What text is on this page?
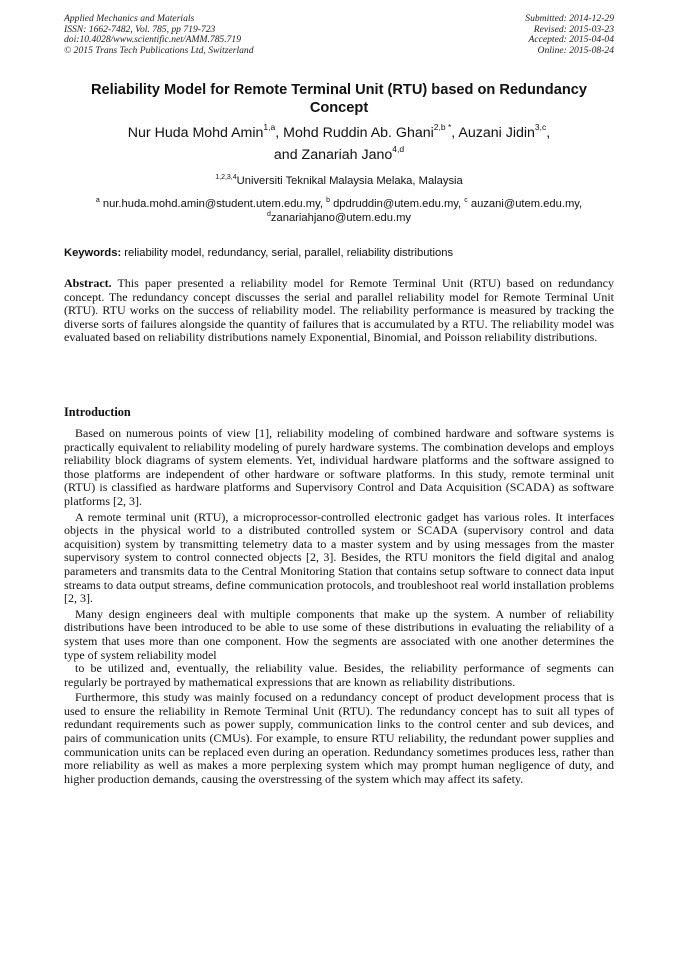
Applied Mechanics and Materials
ISSN: 1662-7482, Vol. 785, pp 719-723
doi:10.4028/www.scientific.net/AMM.785.719
© 2015 Trans Tech Publications Ltd, Switzerland
Submitted: 2014-12-29
Revised: 2015-03-23
Accepted: 2015-04-04
Online: 2015-08-24
Reliability Model for Remote Terminal Unit (RTU) based on Redundancy Concept
Nur Huda Mohd Amin$^{1,a}$, Mohd Ruddin Ab. Ghani$^{2,b *}$, Auzani Jidin$^{3,c}$,
and Zanariah Jano$^{4,d}$
$^{1,2,3,4}$Universiti Teknikal Malaysia Melaka, Malaysia
$^a$ nur.huda.mohd.amin@student.utem.edu.my, $^b$ dpdruddin@utem.edu.my, $^c$ auzani@utem.edu.my,
$^d$zanariahjano@utem.edu.my
Keywords: reliability model, redundancy, serial, parallel, reliability distributions
Abstract. This paper presented a reliability model for Remote Terminal Unit (RTU) based on redundancy concept. The redundancy concept discusses the serial and parallel reliability model for Remote Terminal Unit (RTU). RTU works on the success of reliability model. The reliability performance is measured by tracking the diverse sorts of failures alongside the quantity of failures that is accumulated by a RTU. The reliability model was evaluated based on reliability distributions namely Exponential, Binomial, and Poisson reliability distributions.
Introduction

Based on numerous points of view [1], reliability modeling of combined hardware and software systems is practically equivalent to reliability modeling of purely hardware systems. The combination develops and employs reliability block diagrams of system elements. Yet, individual hardware platforms and the software assigned to those platforms are independent of other hardware or software platforms. In this study, remote terminal unit (RTU) is classified as hardware platforms and Supervisory Control and Data Acquisition (SCADA) as software platforms [2, 3].

A remote terminal unit (RTU), a microprocessor-controlled electronic gadget has various roles. It interfaces objects in the physical world to a distributed controlled system or SCADA (supervisory control and data acquisition) system by transmitting telemetry data to a master system and by using messages from the master supervisory system to control connected objects [2, 3]. Besides, the RTU monitors the field digital and analog parameters and transmits data to the Central Monitoring Station that contains setup software to connect data input streams to data output streams, define communication protocols, and troubleshoot real world installation problems [2, 3].

Many design engineers deal with multiple components that make up the system. A number of reliability distributions have been introduced to be able to use some of these distributions in evaluating the reliability of a system that uses more than one component. How the segments are associated with one another determines the type of system reliability model

to be utilized and, eventually, the reliability value. Besides, the reliability performance of segments can regularly be portrayed by mathematical expressions that are known as reliability distributions.

Furthermore, this study was mainly focused on a redundancy concept of product development process that is used to ensure the reliability in Remote Terminal Unit (RTU). The redundancy concept has to suit all types of redundant requirements such as power supply, communication links to the control center and sub devices, and pairs of communication units (CMUs). For example, to ensure RTU reliability, the redundant power supplies and communication units can be replaced even during an operation. Redundancy sometimes produces less, rather than more reliability as well as makes a more perplexing system which may prompt human negligence of duty, and higher production demands, causing the overstressing of the system which may affect its safety.
